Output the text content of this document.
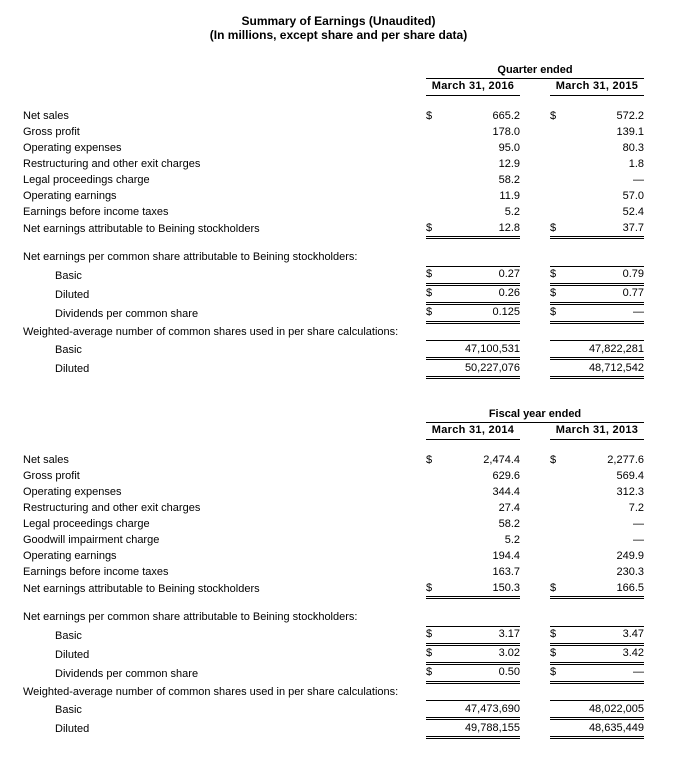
Summary of Earnings (Unaudited)

(In millions, except share and per share data)

	Quarter ended				
	March 31, 2016			March 31, 2015	

Net sales	$	665.2		$	572.2
Gross profit		178.0			139.1
Operating expenses		95.0			80.3
Restructuring and other exit charges		12.9			1.8
Legal proceedings charge		58.2			—
Operating earnings		11.9			57.0
Earnings before income taxes		5.2			52.4
Net earnings attributable to Beining stockholders	$	12.8		$	37.7

Net earnings per common share attributable to Beining stockholders:					
Basic	$	0.27		$	0.79
Diluted	$	0.26		$	0.77
Dividends per common share	$	0.125		$	—
Weighted-average number of common shares used in per share calculations:					
Basic		47,100,531			47,822,281
Diluted		50,227,076			48,712,542
	Fiscal year ended				
	March 31, 2014			March 31, 2013	

Net sales	$	2,474.4		$	2,277.6
Gross profit		629.6			569.4
Operating expenses		344.4			312.3
Restructuring and other exit charges		27.4			7.2
Legal proceedings charge		58.2			—
Goodwill impairment charge		5.2			—
Operating earnings		194.4			249.9
Earnings before income taxes		163.7			230.3
Net earnings attributable to Beining stockholders	$	150.3		$	166.5

Net earnings per common share attributable to Beining stockholders:					
Basic	$	3.17		$	3.47
Diluted	$	3.02		$	3.42
Dividends per common share	$	0.50		$	—
Weighted-average number of common shares used in per share calculations:					
Basic		47,473,690			48,022,005
Diluted		49,788,155			48,635,449
